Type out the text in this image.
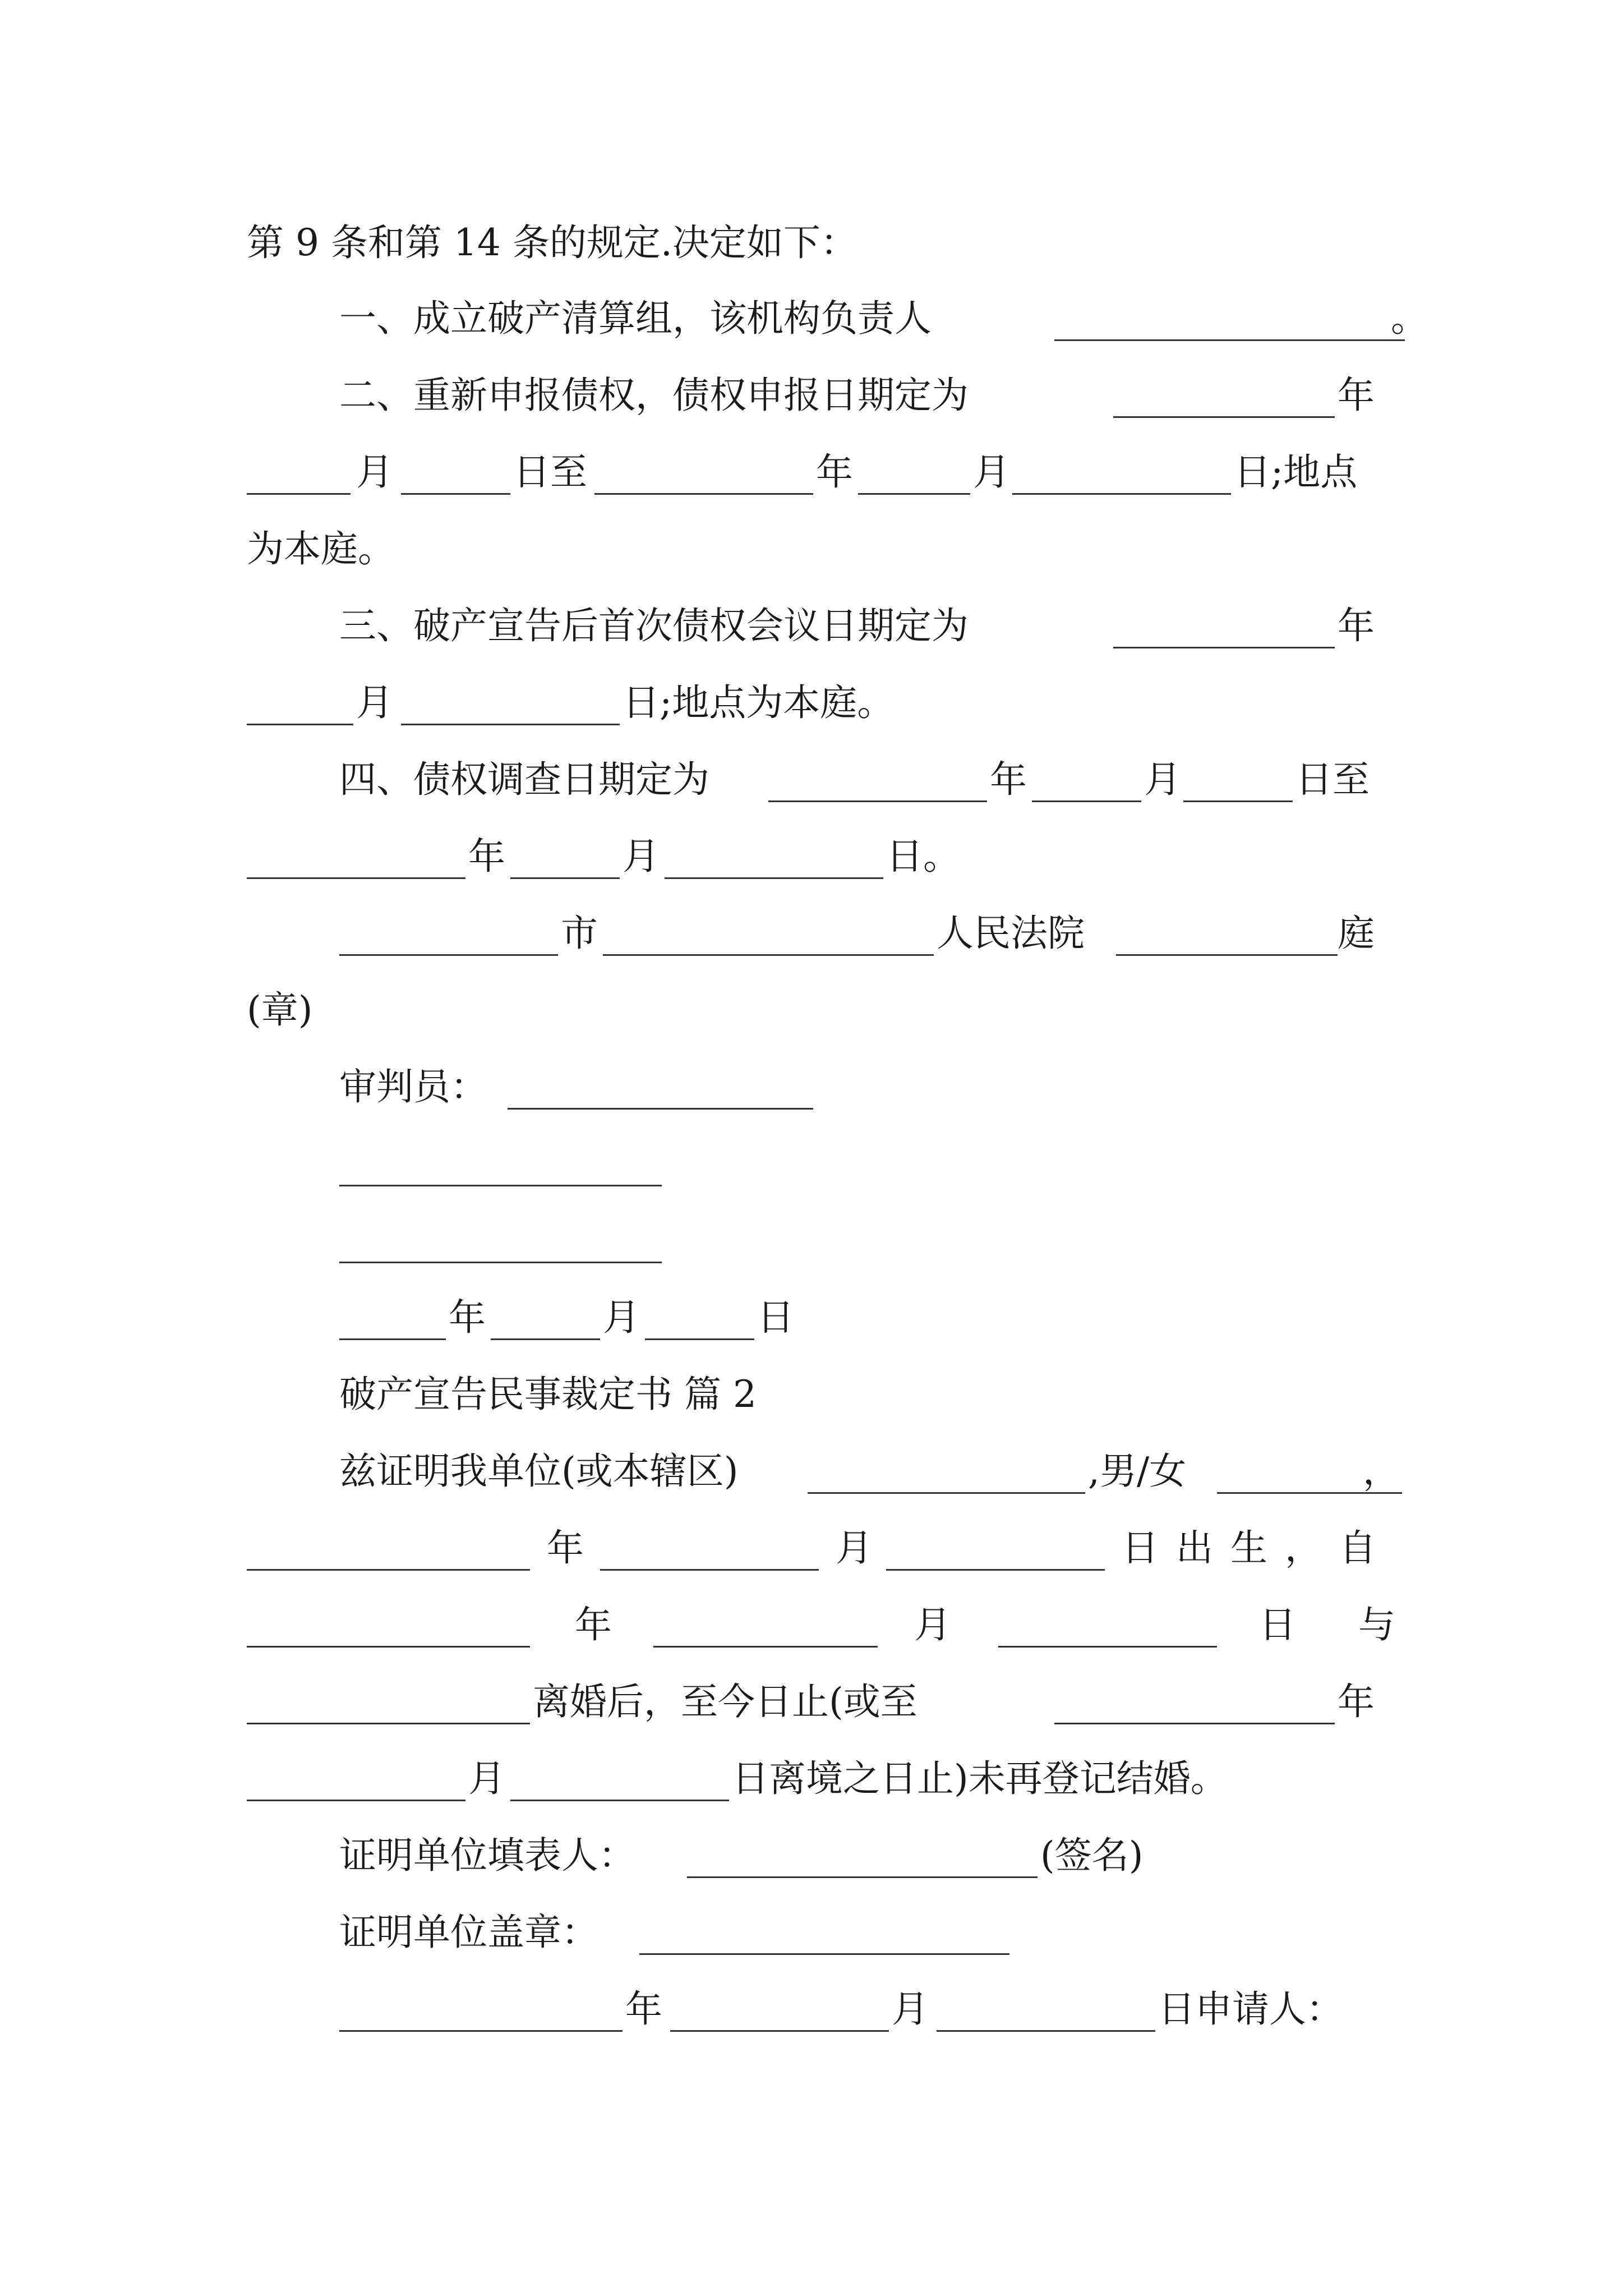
第 9 条和第 14 条的规定.决定如下：
一、成立破产清算组，该机构负责人	。
二、重新申报债权，债权申报日期定为	年
月	日至	年	月	日;地点
为本庭。
三、破产宣告后首次债权会议日期定为	年
月	日;地点为本庭。
四、债权调查日期定为	年	月	日至
年	月	日。
市	人民法院	庭
(章)
审判员：
年	月	日
破产宣告民事裁定书 篇 2
兹证明我单位(或本辖区)	,男/女	，
年	月	日 出 生 ， 自
年	月	日 与
离婚后，至今日止(或至	年
月	日离境之日止)未再登记结婚。
证明单位填表人：	(签名)
证明单位盖章：
年	月	日申请人：
